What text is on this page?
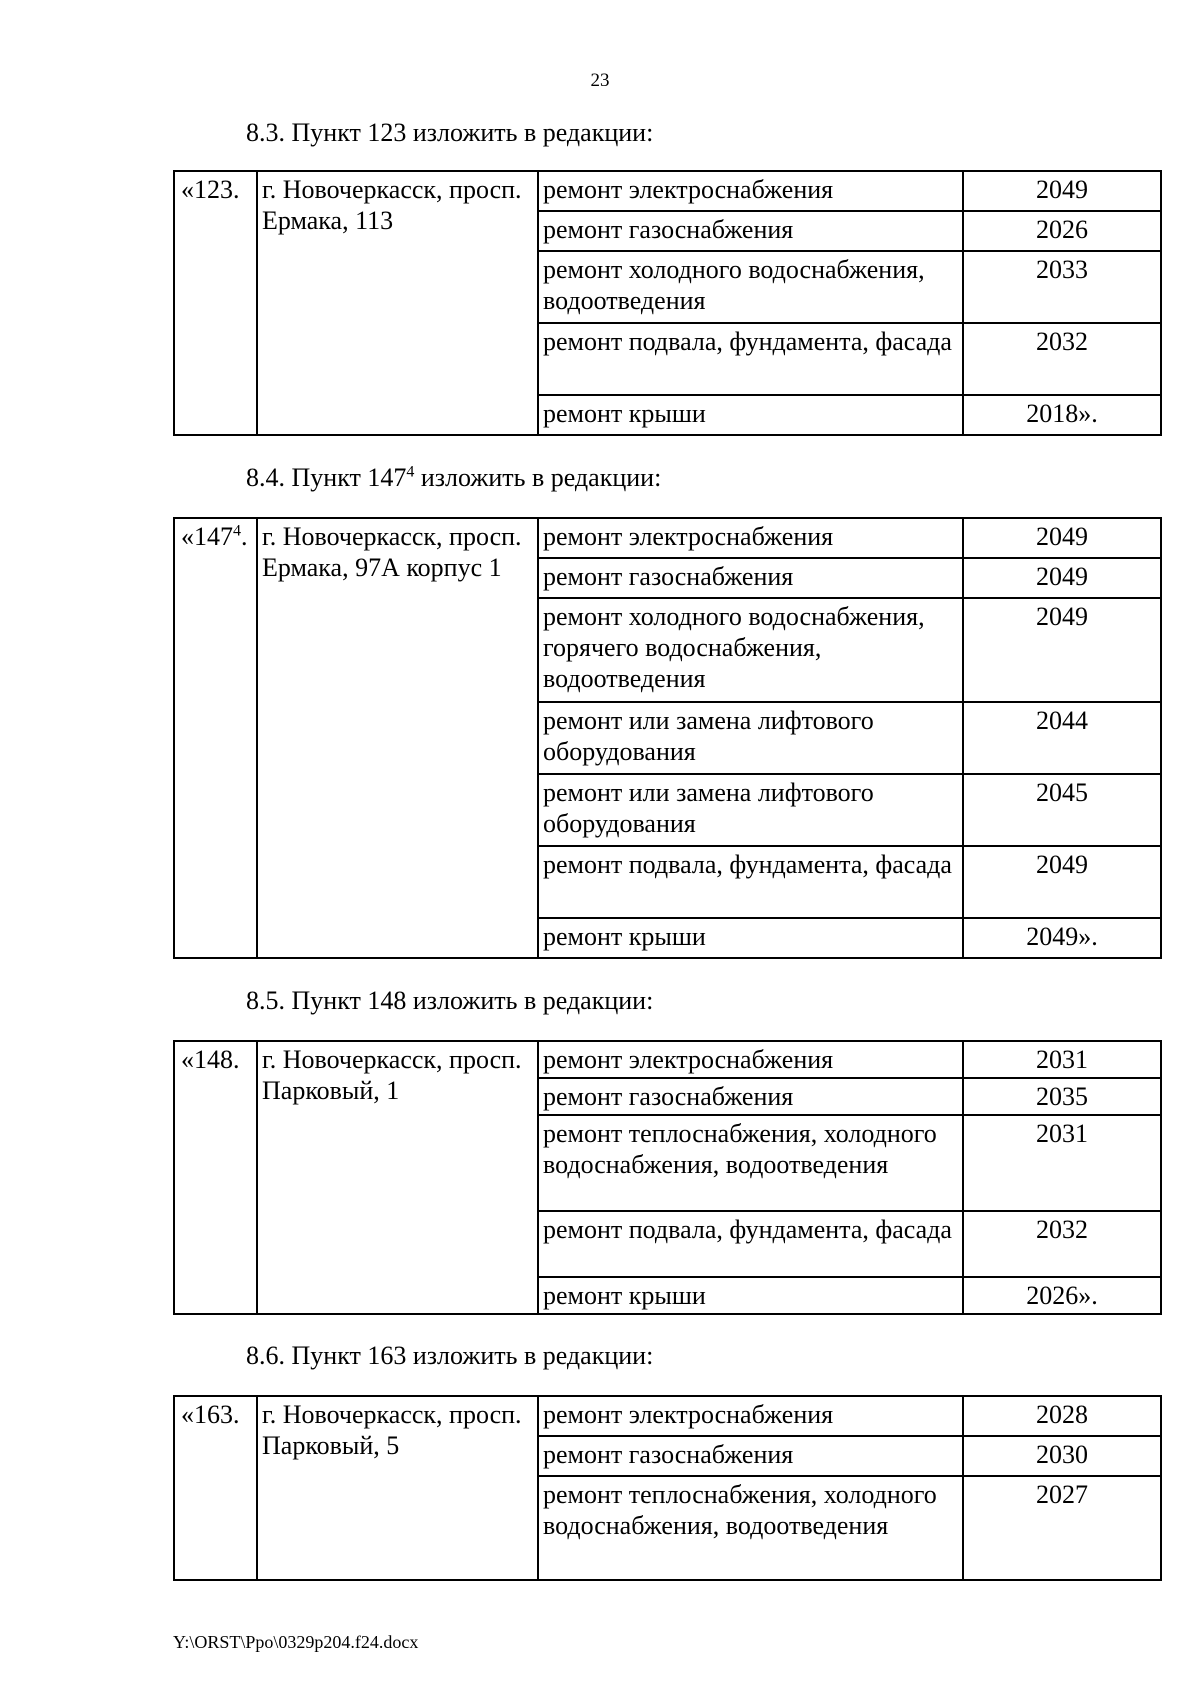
23
8.3. Пункт 123 изложить в редакции:
«123.	г. Новочеркасск, просп. Ермака, 113	ремонт электроснабжения	2049
		ремонт газоснабжения	2026
		ремонт холодного водоснабжения, водоотведения	2033
		ремонт подвала, фундамента, фасада	2032
		ремонт крыши	2018».
8.4. Пункт $147^4$ изложить в редакции:
«$147^4$.	г. Новочеркасск, просп. Ермака, 97А корпус 1	ремонт электроснабжения	2049
		ремонт газоснабжения	2049
		ремонт холодного водоснабжения, горячего водоснабжения, водоотведения	2049
		ремонт или замена лифтового оборудования	2044
		ремонт или замена лифтового оборудования	2045
		ремонт подвала, фундамента, фасада	2049
		ремонт крыши	2049».
8.5. Пункт 148 изложить в редакции:
«148.	г. Новочеркасск, просп. Парковый, 1	ремонт электроснабжения	2031
		ремонт газоснабжения	2035
		ремонт теплоснабжения, холодного водоснабжения, водоотведения	2031
		ремонт подвала, фундамента, фасада	2032
		ремонт крыши	2026».
8.6. Пункт 163 изложить в редакции:
«163.	г. Новочеркасск, просп. Парковый, 5	ремонт электроснабжения	2028
		ремонт газоснабжения	2030
		ремонт теплоснабжения, холодного водоснабжения, водоотведения	2027
Y:\ORST\Ppo\0329p204.f24.docx
